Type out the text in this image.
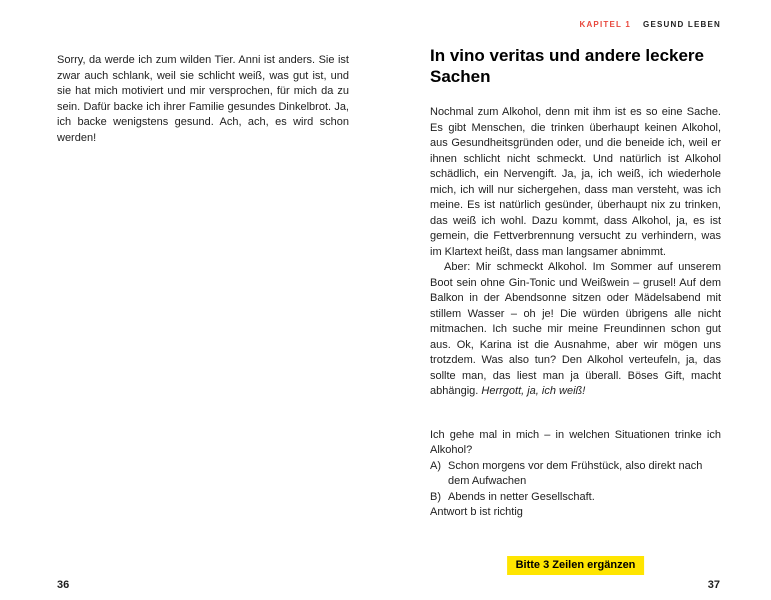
Sorry, da werde ich zum wilden Tier. Anni ist anders. Sie ist zwar auch schlank, weil sie schlicht weiß, was gut ist, und sie hat mich motiviert und mir versprochen, für mich da zu sein. Dafür backe ich ihrer Familie gesundes Dinkelbrot. Ja, ich backe wenigstens gesund. Ach, ach, es wird schon werden!

36
KAPITEL 1 GESUND LEBEN
In vino veritas und andere leckere Sachen

Nochmal zum Alkohol, denn mit ihm ist es so eine Sache. Es gibt Menschen, die trinken überhaupt keinen Alkohol, aus Gesundheitsgründen oder, und die beneide ich, weil er ihnen schlicht nicht schmeckt. Und natürlich ist Alkohol schädlich, ein Nervengift. Ja, ja, ich weiß, ich wiederhole mich, ich will nur sichergehen, dass man versteht, was ich meine. Es ist natürlich gesünder, überhaupt nix zu trinken, das weiß ich wohl. Dazu kommt, dass Alkohol, ja, es ist gemein, die Fettverbrennung versucht zu verhindern, was im Klartext heißt, dass man langsamer abnimmt.

Aber: Mir schmeckt Alkohol. Im Sommer auf unserem Boot sein ohne Gin-Tonic und Weißwein – grusel! Auf dem Balkon in der Abendsonne sitzen oder Mädelsabend mit stillem Wasser – oh je! Die würden übrigens alle nicht mitmachen. Ich suche mir meine Freundinnen schon gut aus. Ok, Karina ist die Ausnahme, aber wir mögen uns trotzdem. Was also tun? Den Alkohol verteufeln, ja, das sollte man, das liest man ja überall. Böses Gift, macht abhängig. Herrgott, ja, ich weiß!

Ich gehe mal in mich – in welchen Situationen trinke ich Alkohol?

A) Schon morgens vor dem Frühstück, also direkt nach dem Aufwachen

B) Abends in netter Gesellschaft.

Antwort b ist richtig

Bitte 3 Zeilen ergänzen
37
